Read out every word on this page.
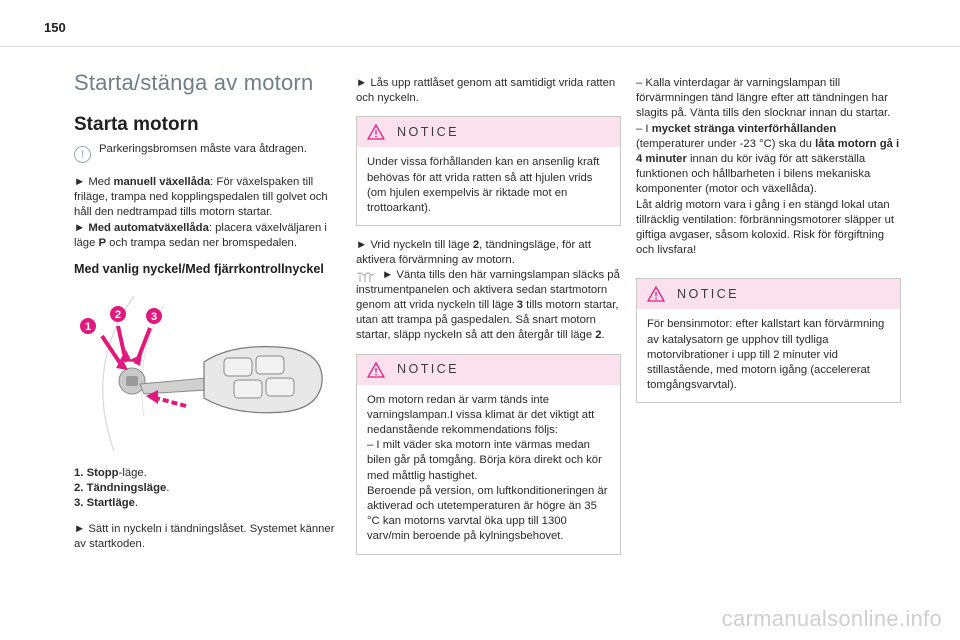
150
Starta/stänga av motorn
Starta motorn
!
Parkeringsbromsen måste vara åtdragen.

► Med manuell växellåda: För växelspaken till friläge, trampa ned kopplingspedalen till golvet och håll den nedtrampad tills motorn startar.

► Med automatväxellåda: placera växelväljaren i läge P och trampa sedan ner bromspedalen.

Med vanlig nyckel/Med fjärrkontrollnyckel
1
2	3
1. Stopp-läge.
2. Tändningsläge.
3. Startläge.

► Sätt in nyckeln i tändningslåset. Systemet känner av startkoden.

► Lås upp rattlåset genom att samtidigt vrida ratten och nyckeln.

NOTICE
Under vissa förhållanden kan en ansenlig kraft behövas för att vrida ratten så att hjulen vrids (om hjulen exempelvis är riktade mot en trottoarkant).

► Vrid nyckeln till läge 2, tändningsläge, för att aktivera förvärmning av motorn.

► Vänta tills den här varningslampan släcks på instrumentpanelen och aktivera sedan startmotorn genom att vrida nyckeln till läge 3 tills motorn startar, utan att trampa på gaspedalen. Så snart motorn startar, släpp nyckeln så att den återgår till läge 2.

NOTICE

Om motorn redan är varm tänds inte varningslampan.I vissa klimat är det viktigt att nedanstående rekommendations följs:

– I milt väder ska motorn inte värmas medan bilen går på tomgång. Börja köra direkt och kör med måttlig hastighet.

Beroende på version, om luftkonditioneringen är aktiverad och utetemperaturen är högre än 35 °C kan motorns varvtal öka upp till 1300 varv/min beroende på kylningsbehovet.

– Kalla vinterdagar är varningslampan till förvärmningen tänd längre efter att tändningen har slagits på. Vänta tills den slocknar innan du startar.

– I mycket stränga vinterförhållanden (temperaturer under -23 °C) ska du låta motorn gå i 4 minuter innan du kör iväg för att säkerställa funktionen och hållbarheten i bilens mekaniska komponenter (motor och växellåda).

Låt aldrig motorn vara i gång i en stängd lokal utan tillräcklig ventilation: förbränningsmotorer släpper ut giftiga avgaser, såsom koloxid. Risk för förgiftning och livsfara!

NOTICE
För bensinmotor: efter kallstart kan förvärmning av katalysatorn ge upphov till tydliga motorvibrationer i upp till 2 minuter vid stillastående, med motorn igång (accelererat tomgångsvarvtal).
carmanualsonline.info
